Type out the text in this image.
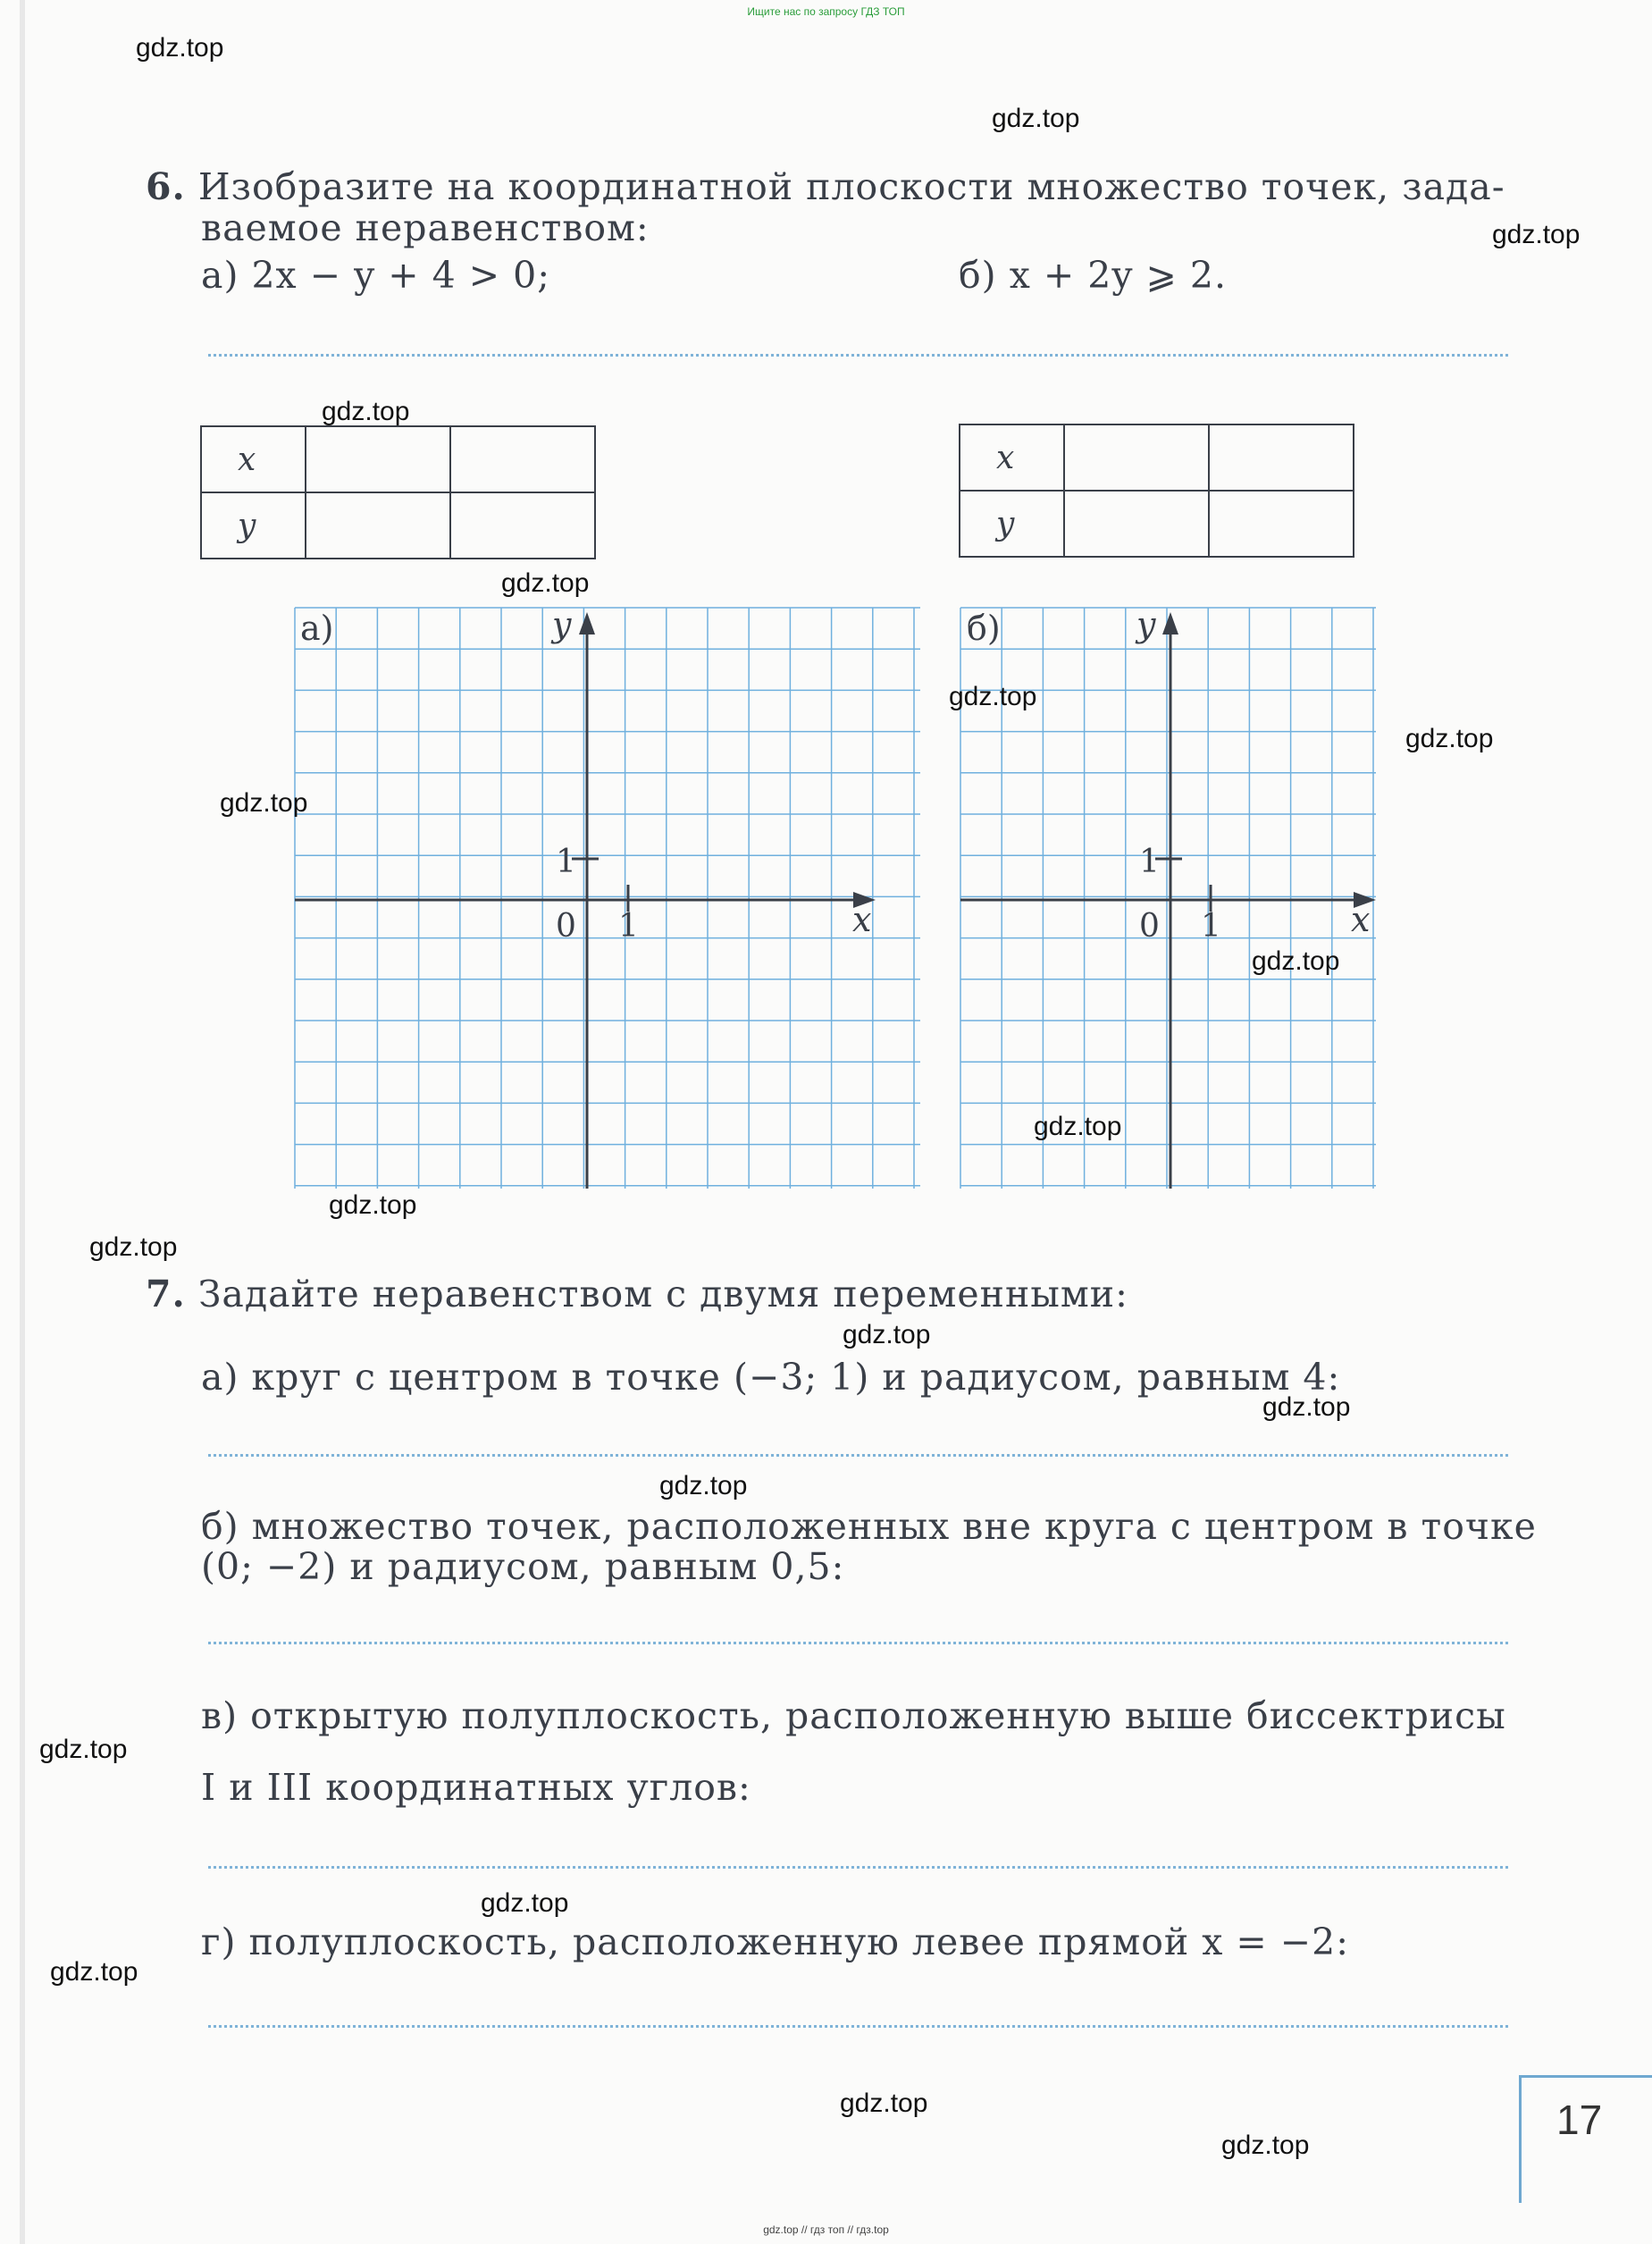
Ищите нас по запросу ГДЗ ТОП
6. Изобразите на координатной плоскости множество точек, зада-
ваемое неравенством:
а) 2x − y + 4 > 0;	б) x + 2y ⩾ 2.
x		
y		
x		
y		
а)	y
x
0 1
1
б)	y
x
0 1
1
7. Задайте неравенством с двумя переменными:
а) круг с центром в точке (−3; 1) и радиусом, равным 4:
б) множество точек, расположенных вне круга с центром в точке
(0; −2) и радиусом, равным 0,5:
в) открытую полуплоскость, расположенную выше биссектрисы
I и III координатных углов:
г) полуплоскость, расположенную левее прямой x = −2:
17
gdz.top
gdz.top
gdz.top
gdz.top
gdz.top
gdz.top
gdz.top
gdz.top
gdz.top
gdz.top
gdz.top
gdz.top
gdz.top
gdz.top
gdz.top
gdz.top
gdz.top
gdz.top
gdz.top
gdz.top
gdz.top // гдз топ // гдз.top
